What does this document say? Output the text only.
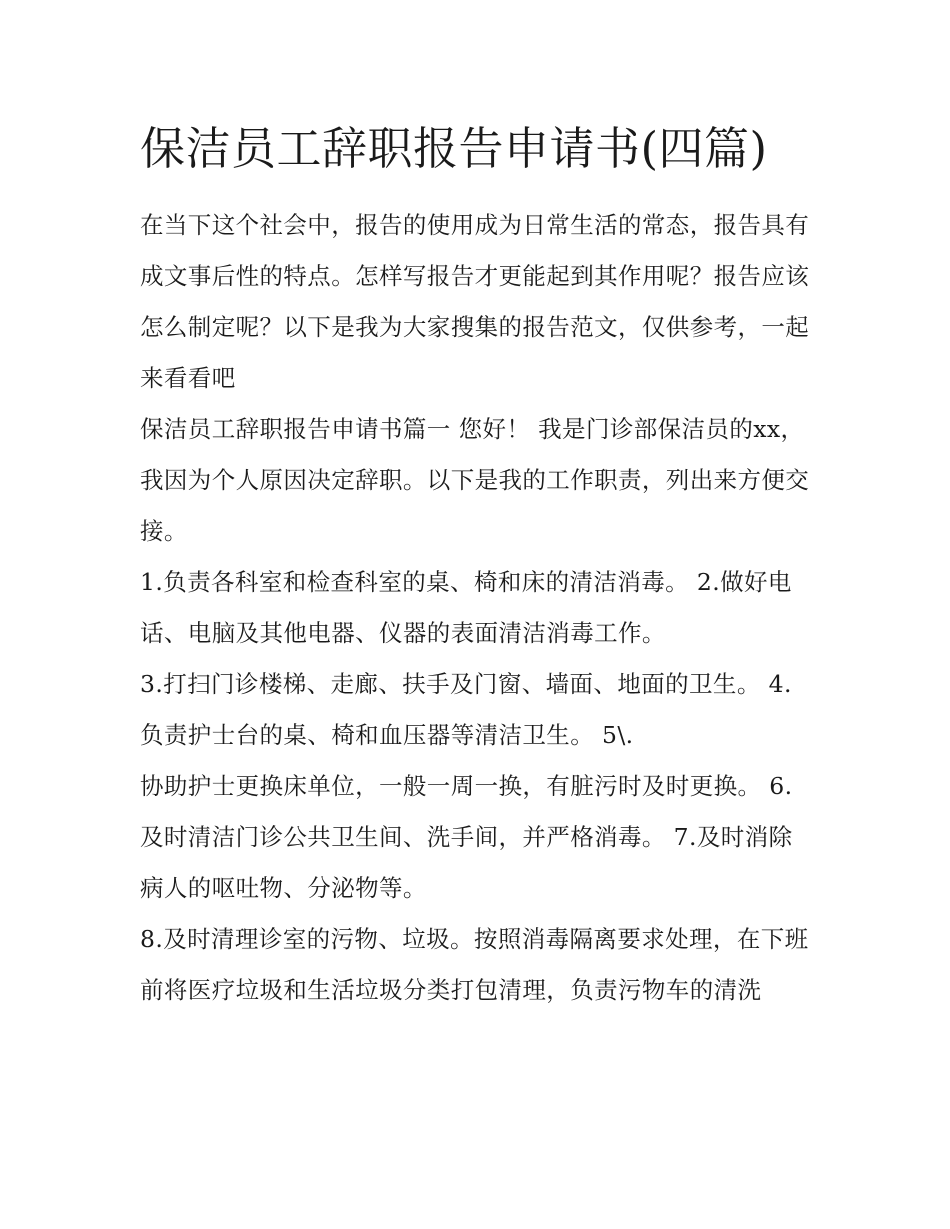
保洁员工辞职报告申请书(四篇)

在当下这个社会中，报告的使用成为日常生活的常态，报告具有成文事后性的特点。怎样写报告才更能起到其作用呢？报告应该怎么制定呢？以下是我为大家搜集的报告范文，仅供参考，一起来看看吧

保洁员工辞职报告申请书篇一 您好！ 我是门诊部保洁员的xx，我因为个人原因决定辞职。以下是我的工作职责，列出来方便交接。

1.负责各科室和检查科室的桌、椅和床的清洁消毒。 2.做好电话、电脑及其他电器、仪器的表面清洁消毒工作。

3.打扫门诊楼梯、走廊、扶手及门窗、墙面、地面的卫生。 4.负责护士台的桌、椅和血压器等清洁卫生。 5\.

协助护士更换床单位，一般一周一换，有脏污时及时更换。 6.及时清洁门诊公共卫生间、洗手间，并严格消毒。 7.及时消除病人的呕吐物、分泌物等。

8.及时清理诊室的污物、垃圾。按照消毒隔离要求处理，在下班前将医疗垃圾和生活垃圾分类打包清理，负责污物车的清洗
